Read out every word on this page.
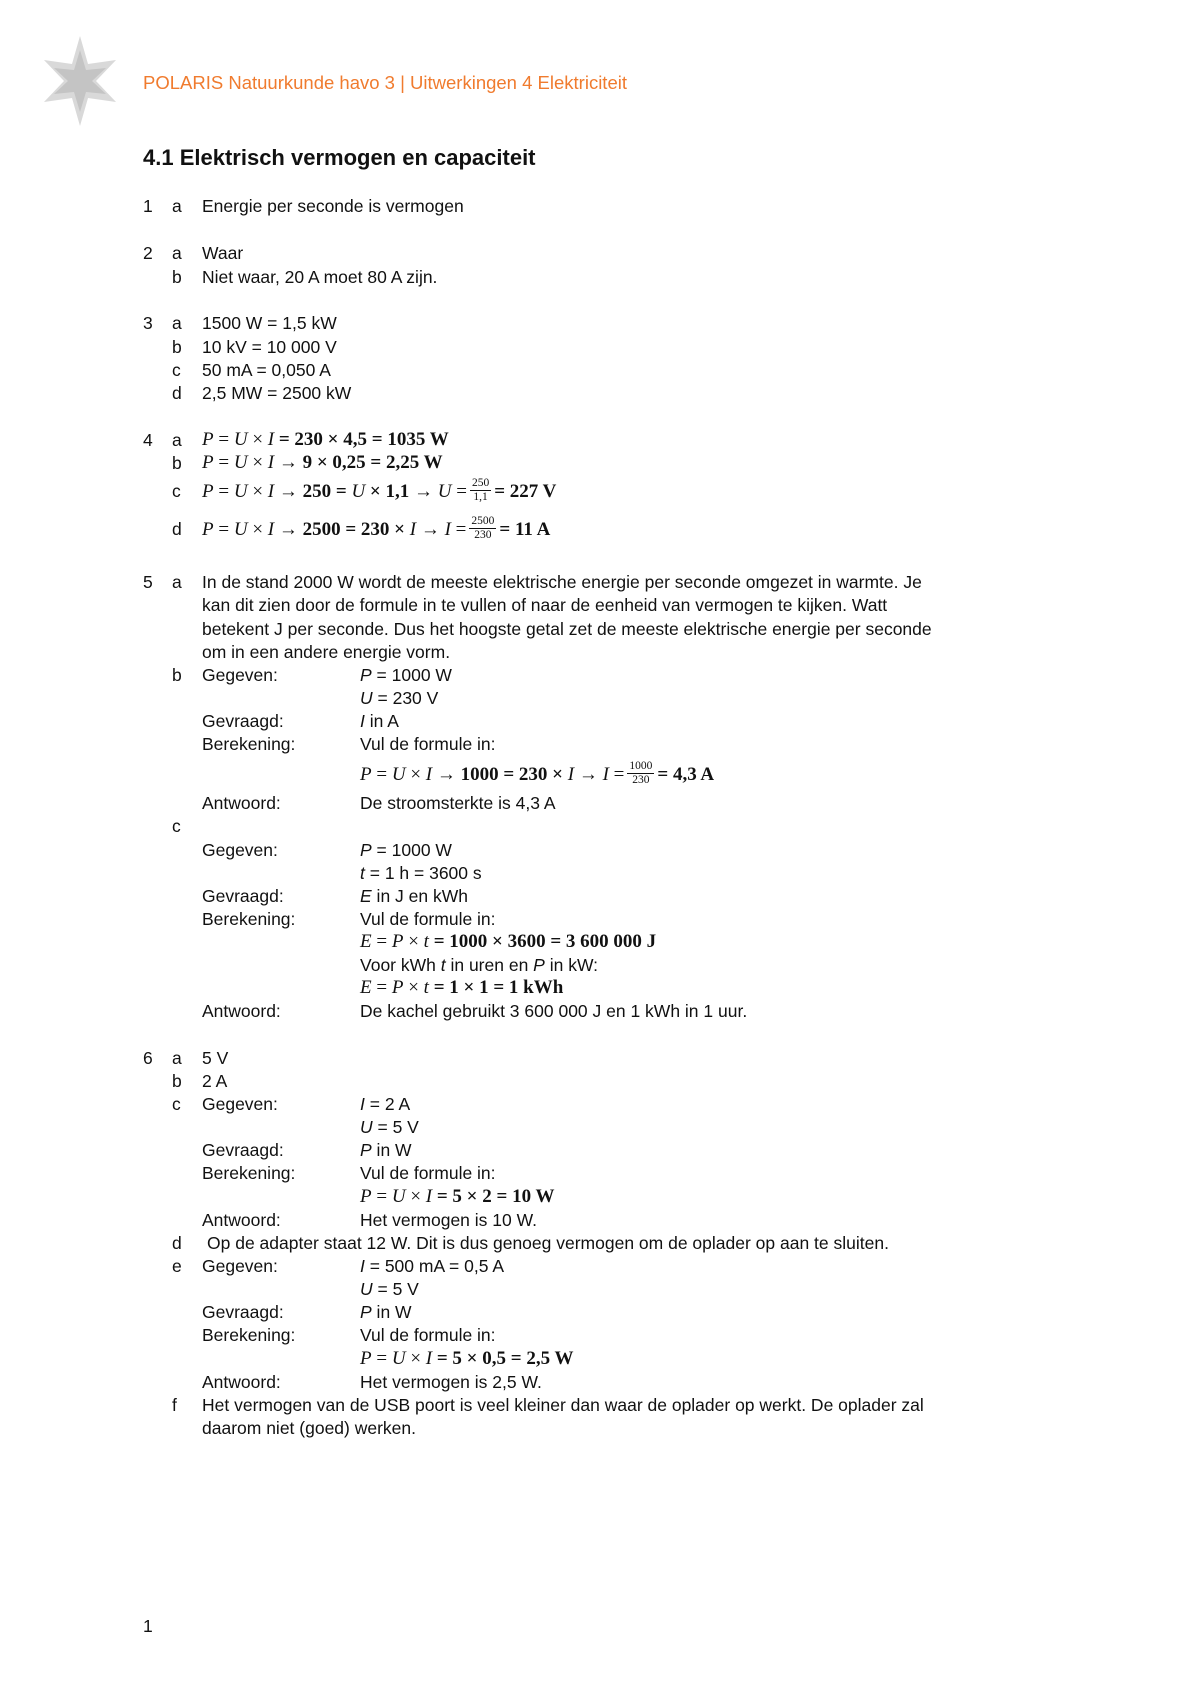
POLARIS Natuurkunde havo 3 | Uitwerkingen 4 Elektriciteit
4.1 Elektrisch vermogen en capaciteit
1 a Energie per seconde is vermogen
2 a Waar
b Niet waar, 20 A moet 80 A zijn.
3 a 1500 W = 1,5 kW
b 10 kV = 10 000 V
c 50 mA = 0,050 A
d 2,5 MW = 2500 kW
4 a P = U × I = 230 × 4,5 = 1035 W
b P = U × I → 9 × 0,25 = 2,25 W
c $P = U \times I \to 250 = U \times 1,1 \to U = \frac{250}{1,1} = 227$ V
d $P = U \times I \to 2500 = 230 \times I \to I = \frac{2500}{230} = 11$ A
5 a In de stand 2000 W wordt de meeste elektrische energie per seconde omgezet in warmte. Je
kan dit zien door de formule in te vullen of naar de eenheid van vermogen te kijken. Watt
betekent J per seconde. Dus het hoogste getal zet de meeste elektrische energie per seconde
om in een andere energie vorm.
b Gegeven:	P = 1000 W
U = 230 V
Gevraagd:	I in A
Berekening:	Vul de formule in:
$P = U \times I \to 1000 = 230 \times I \to I = \frac{1000}{230} = 4,3$ A
Antwoord:	De stroomsterkte is 4,3 A
c
Gegeven:	P = 1000 W
t = 1 h = 3600 s
Gevraagd:	E in J en kWh
Berekening:	Vul de formule in:
E = P × t = 1000 × 3600 = 3 600 000 J
Voor kWh t in uren en P in kW:
E = P × t = 1 × 1 = 1 kWh
Antwoord:	De kachel gebruikt 3 600 000 J en 1 kWh in 1 uur.
6 a 5 V
b 2 A
c Gegeven:	I = 2 A
U = 5 V
Gevraagd:	P in W
Berekening:	Vul de formule in:
P = U × I = 5 × 2 = 10 W
Antwoord:	Het vermogen is 10 W.
d Op de adapter staat 12 W. Dit is dus genoeg vermogen om de oplader op aan te sluiten.
e Gegeven:	I = 500 mA = 0,5 A
U = 5 V
Gevraagd:	P in W
Berekening:	Vul de formule in:
P = U × I = 5 × 0,5 = 2,5 W
Antwoord:	Het vermogen is 2,5 W.
f Het vermogen van de USB poort is veel kleiner dan waar de oplader op werkt. De oplader zal
daarom niet (goed) werken.
1
